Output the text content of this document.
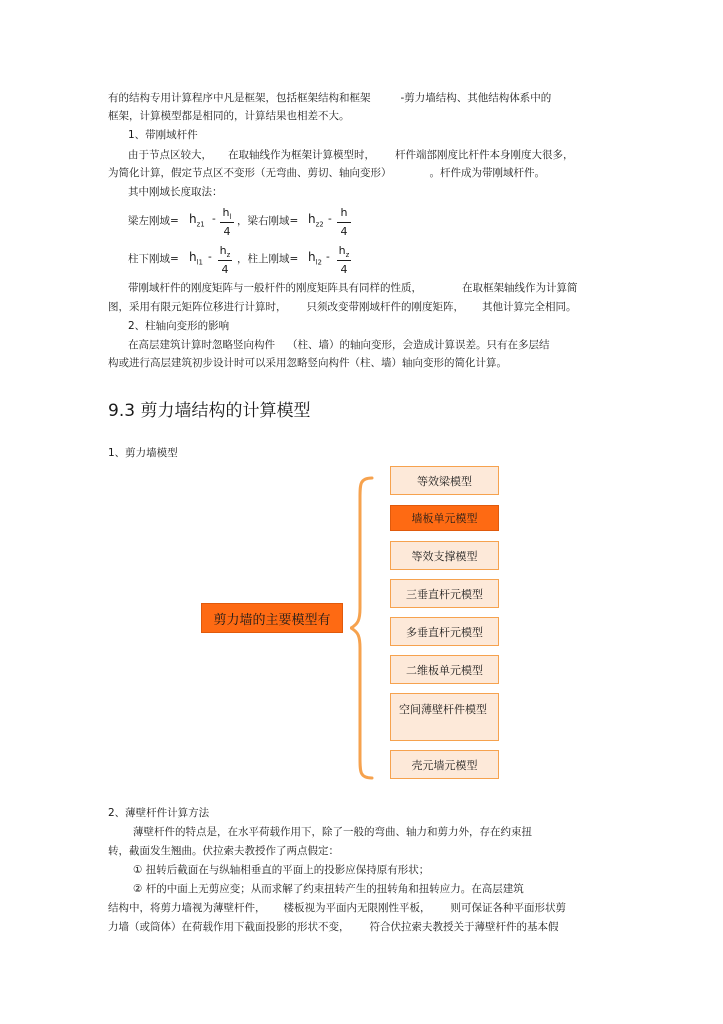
有的结构专用计算程序中凡是框架，包括框架结构和框架	-剪力墙结构、其他结构体系中的
框架，计算模型都是相同的，计算结果也相差不大。
1、带刚域杆件
由于节点区较大， 在取轴线作为框架计算模型时， 杆件端部刚度比杆件本身刚度大很多，
为简化计算，假定节点区不变形（无弯曲、剪切、轴向变形）	。杆件成为带刚域杆件。
其中刚域长度取法：
梁左刚域= $h_{z1} - h_l$
4
，梁右刚域= $h_{z2}$ - h
4
柱下刚域= $h_{l1} - h_z$
4
，柱上刚域= $h_{l2} - h_z$
4
带刚域杆件的刚度矩阵与一般杆件的刚度矩阵具有同样的性质，	在取框架轴线作为计算简
图，采用有限元矩阵位移进行计算时， 只须改变带刚域杆件的刚度矩阵， 其他计算完全相同。
2、柱轴向变形的影响
在高层建筑计算时忽略竖向构件 （柱、墙）的轴向变形，会造成计算误差。只有在多层结
构或进行高层建筑初步设计时可以采用忽略竖向构件（柱、墙）轴向变形的简化计算。
9.3 剪力墙结构的计算模型
1、剪力墙模型
剪力墙的主要模型有
等效梁模型
墙板单元模型
等效支撑模型
三垂直杆元模型
多垂直杆元模型
二维板单元模型
空间薄壁杆件模型
壳元墙元模型
2、薄壁杆件计算方法
薄壁杆件的特点是，在水平荷载作用下，除了一般的弯曲、轴力和剪力外，存在约束扭
转，截面发生翘曲。伏拉索夫教授作了两点假定：
① 扭转后截面在与纵轴相垂直的平面上的投影应保持原有形状；
② 杆的中面上无剪应变；从而求解了约束扭转产生的扭转角和扭转应力。在高层建筑
结构中，将剪力墙视为薄壁杆件， 楼板视为平面内无限刚性平板， 则可保证各种平面形状剪
力墙（或筒体）在荷载作用下截面投影的形状不变， 符合伏拉索夫教授关于薄壁杆件的基本假
